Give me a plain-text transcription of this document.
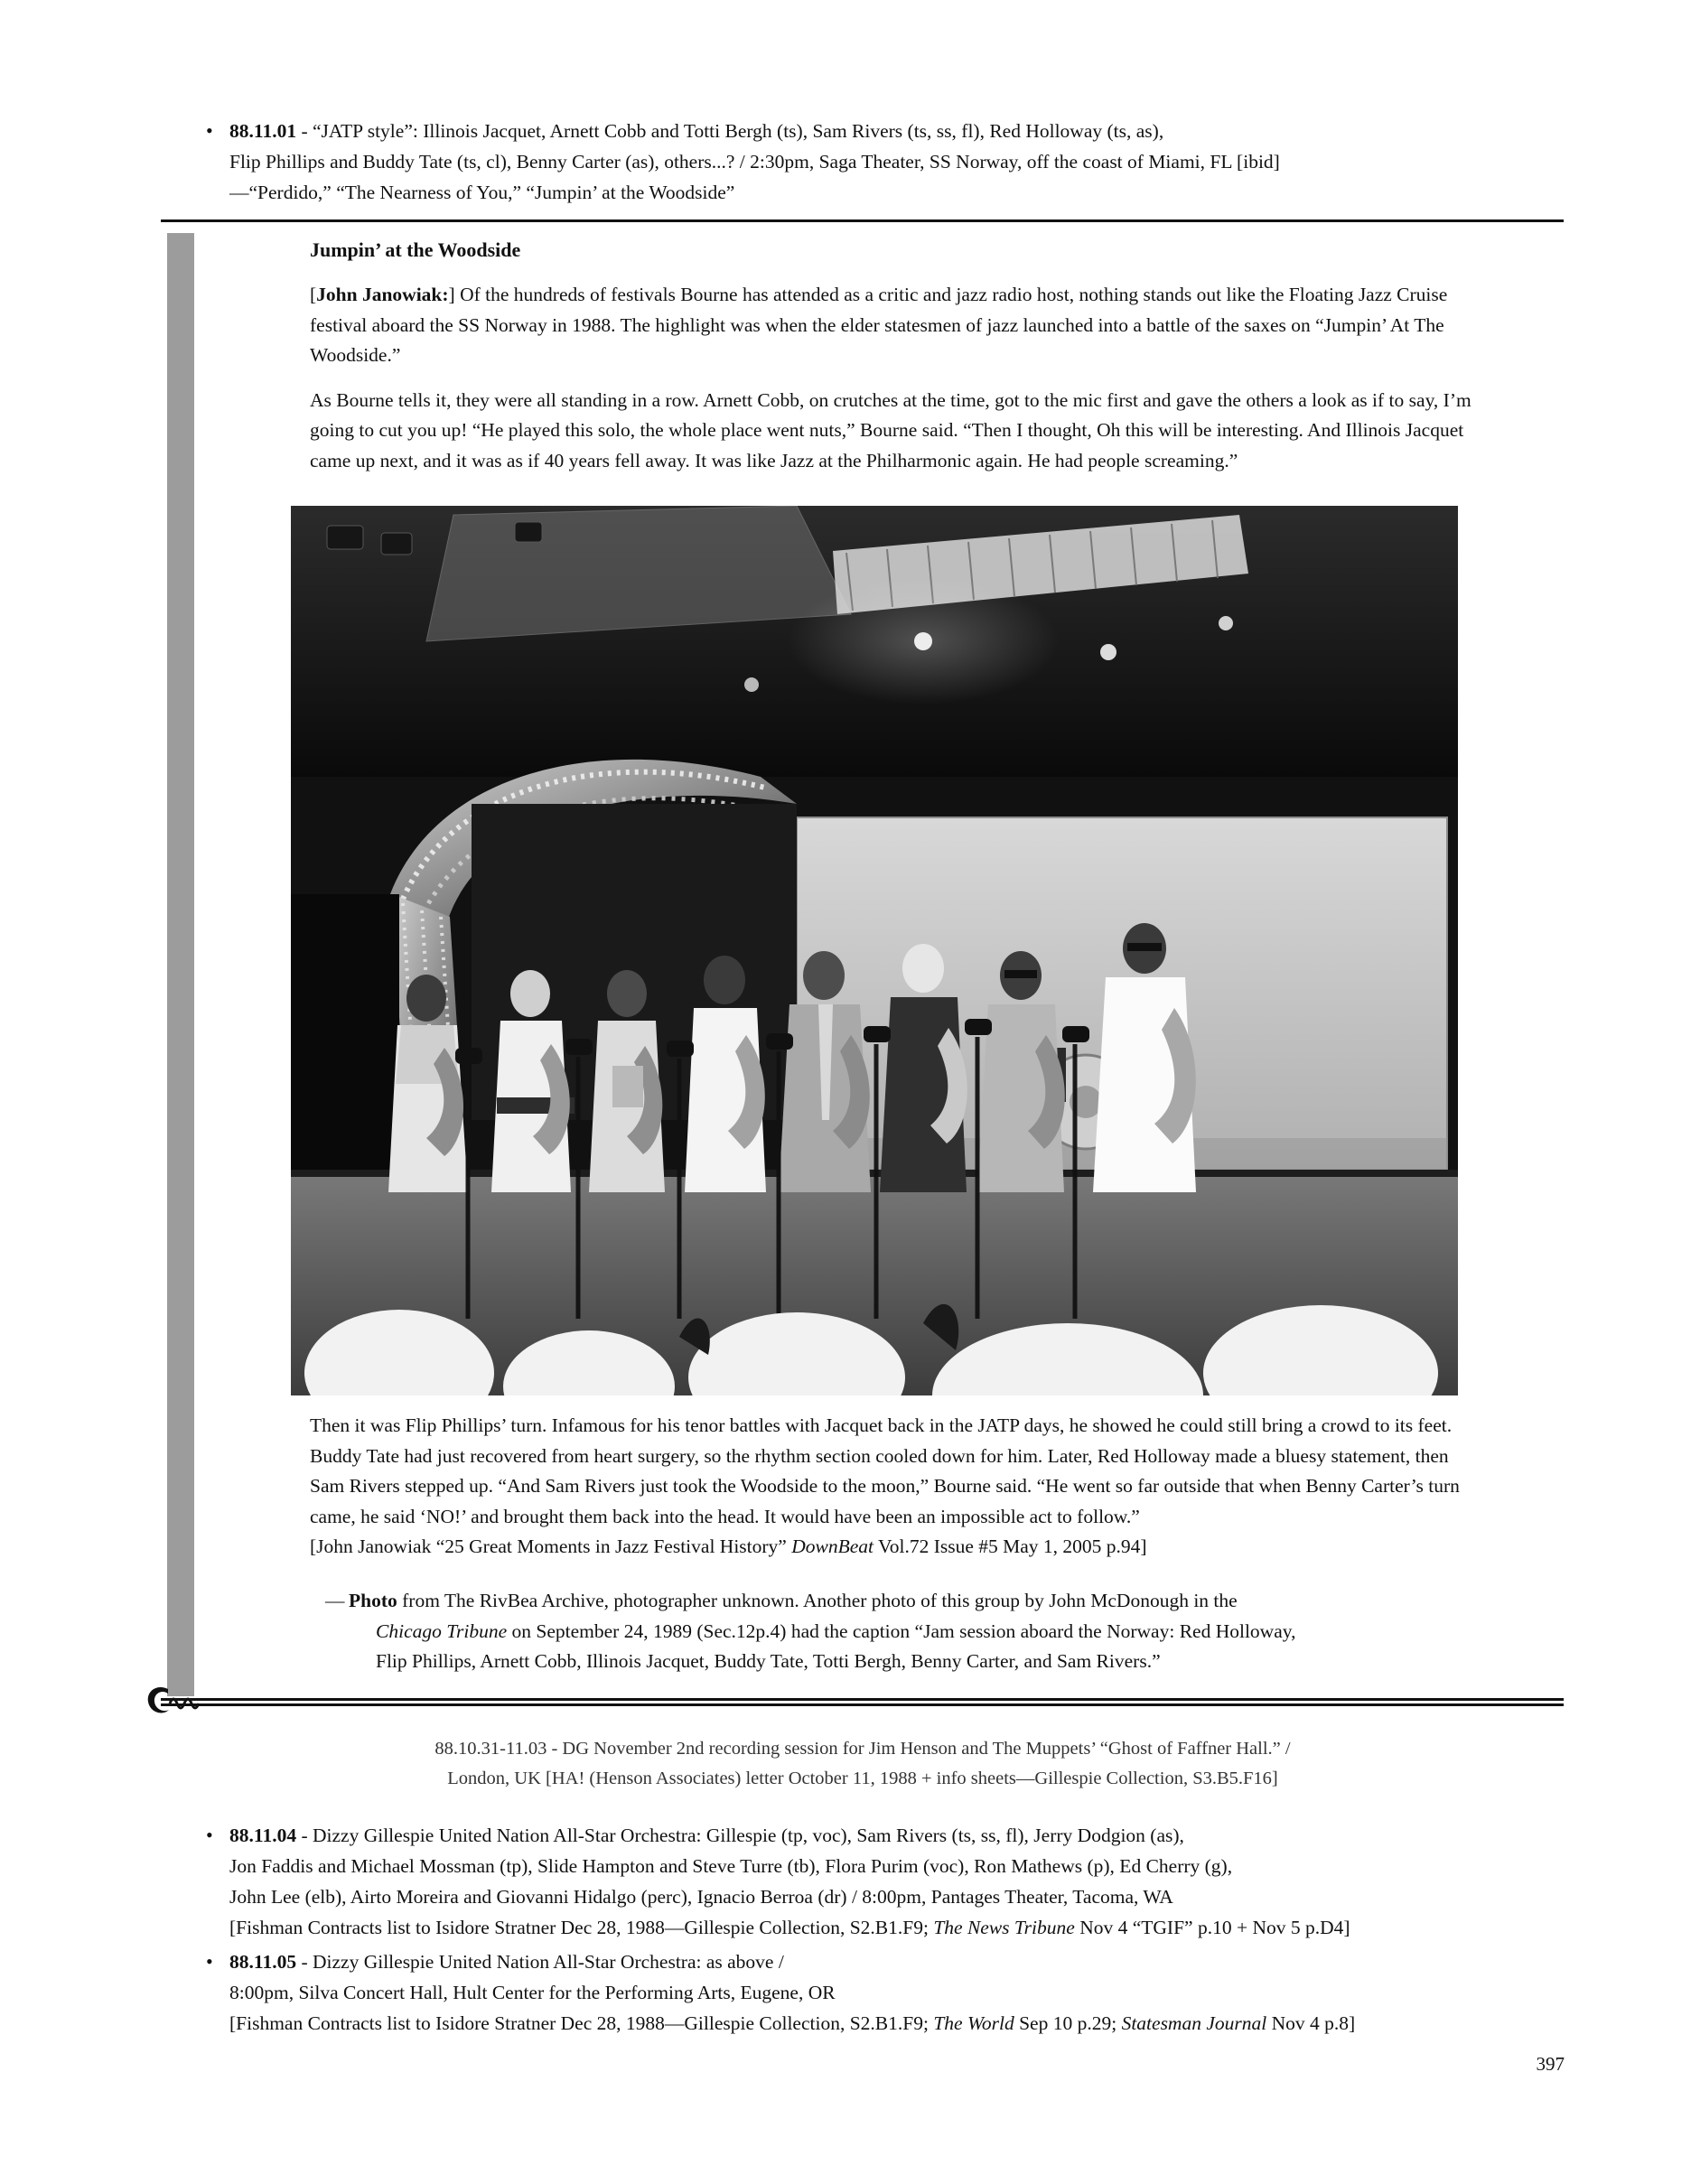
• 88.11.01 - “JATP style”: Illinois Jacquet, Arnett Cobb and Totti Bergh (ts), Sam Rivers (ts, ss, fl), Red Holloway (ts, as),
Flip Phillips and Buddy Tate (ts, cl), Benny Carter (as), others...? / 2:30pm, Saga Theater, SS Norway, off the coast of Miami, FL [ibid]
—“Perdido,” “The Nearness of You,” “Jumpin’ at the Woodside”
Jumpin’ at the Woodside
[John Janowiak:] Of the hundreds of festivals Bourne has attended as a critic and jazz radio host, nothing stands out like the Floating Jazz Cruise festival aboard the SS Norway in 1988. The highlight was when the elder statesmen of jazz launched into a battle of the saxes on “Jumpin’ At The Woodside.”
As Bourne tells it, they were all standing in a row. Arnett Cobb, on crutches at the time, got to the mic first and gave the others a look as if to say, I’m going to cut you up! “He played this solo, the whole place went nuts,” Bourne said. “Then I thought, Oh this will be interesting. And Illinois Jacquet came up next, and it was as if 40 years fell away. It was like Jazz at the Philharmonic again. He had people screaming.”
Then it was Flip Phillips’ turn. Infamous for his tenor battles with Jacquet back in the JATP days, he showed he could still bring a crowd to its feet. Buddy Tate had just recovered from heart surgery, so the rhythm section cooled down for him. Later, Red Holloway made a bluesy statement, then Sam Rivers stepped up. “And Sam Rivers just took the Woodside to the moon,” Bourne said. “He went so far outside that when Benny Carter’s turn came, he said ‘NO!’ and brought them back into the head. It would have been an impossible act to follow.”
[John Janowiak “25 Great Moments in Jazz Festival History” DownBeat Vol.72 Issue #5 May 1, 2005 p.94]
— Photo from The RivBea Archive, photographer unknown. Another photo of this group by John McDonough in the

Chicago Tribune on September 24, 1989 (Sec.12p.4) had the caption “Jam session aboard the Norway: Red Holloway,
Flip Phillips, Arnett Cobb, Illinois Jacquet, Buddy Tate, Totti Bergh, Benny Carter, and Sam Rivers.”
88.10.31-11.03 - DG November 2nd recording session for Jim Henson and The Muppets’ “Ghost of Faffner Hall.” /
London, UK [HA! (Henson Associates) letter October 11, 1988 + info sheets—Gillespie Collection, S3.B5.F16]
• 88.11.04 - Dizzy Gillespie United Nation All-Star Orchestra: Gillespie (tp, voc), Sam Rivers (ts, ss, fl), Jerry Dodgion (as),
Jon Faddis and Michael Mossman (tp), Slide Hampton and Steve Turre (tb), Flora Purim (voc), Ron Mathews (p), Ed Cherry (g),
John Lee (elb), Airto Moreira and Giovanni Hidalgo (perc), Ignacio Berroa (dr) / 8:00pm, Pantages Theater, Tacoma, WA
[Fishman Contracts list to Isidore Stratner Dec 28, 1988—Gillespie Collection, S2.B1.F9; The News Tribune Nov 4 “TGIF” p.10 + Nov 5 p.D4]
• 88.11.05 - Dizzy Gillespie United Nation All-Star Orchestra: as above /
8:00pm, Silva Concert Hall, Hult Center for the Performing Arts, Eugene, OR
[Fishman Contracts list to Isidore Stratner Dec 28, 1988—Gillespie Collection, S2.B1.F9; The World Sep 10 p.29; Statesman Journal Nov 4 p.8]
397
